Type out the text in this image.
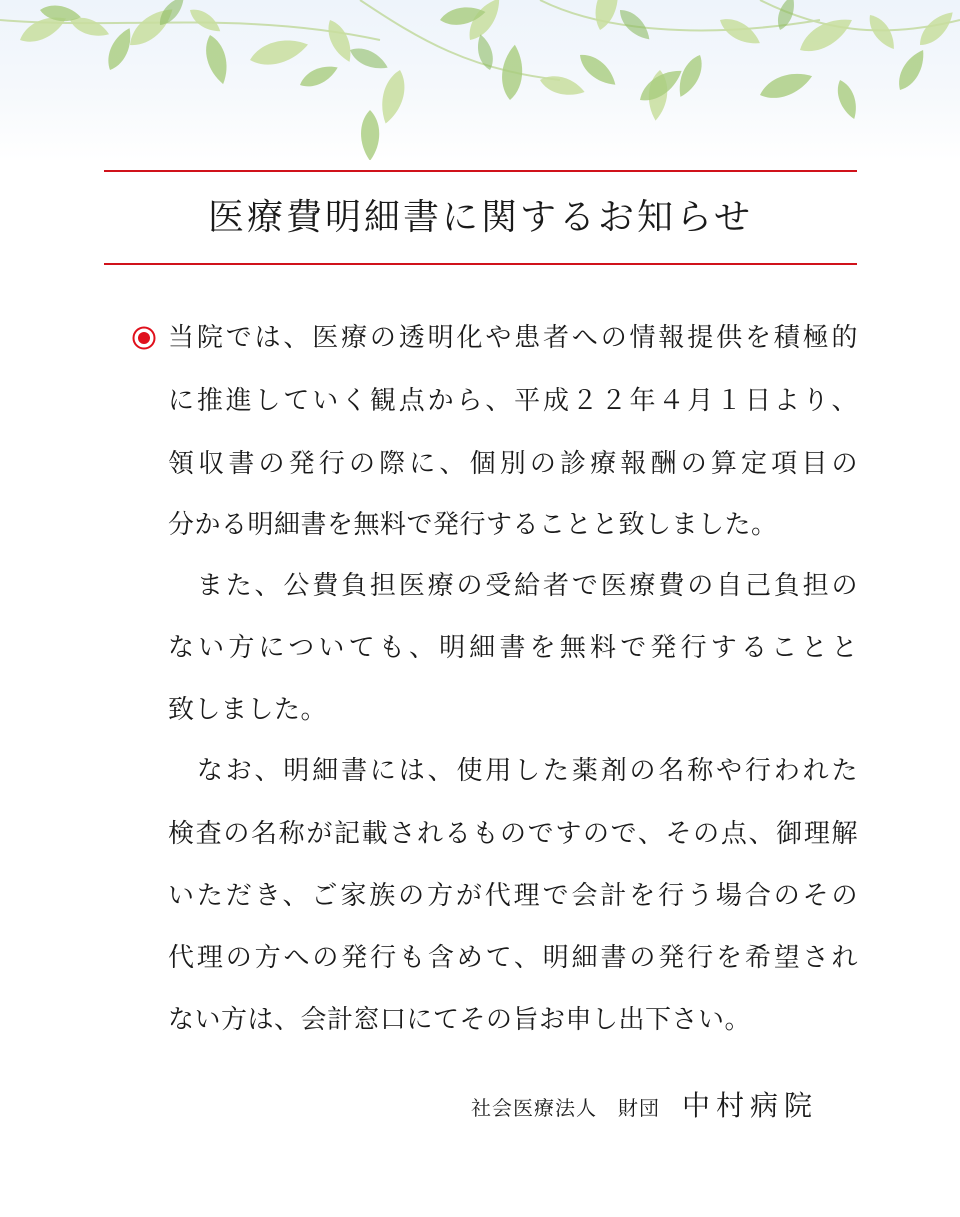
医療費明細書に関するお知らせ
当院では、医療の透明化や患者への情報提供を積極的
に推進していく観点から、平成２２年４月１日より、
領収書の発行の際に、個別の診療報酬の算定項目の
分かる明細書を無料で発行することと致しました。
　また、公費負担医療の受給者で医療費の自己負担の
ない方についても、明細書を無料で発行することと
致しました。
　なお、明細書には、使用した薬剤の名称や行われた
検査の名称が記載されるものですので、その点、御理解
いただき、ご家族の方が代理で会計を行う場合のその
代理の方への発行も含めて、明細書の発行を希望され
ない方は、会計窓口にてその旨お申し出下さい。
社会医療法人　財団 中村病院
